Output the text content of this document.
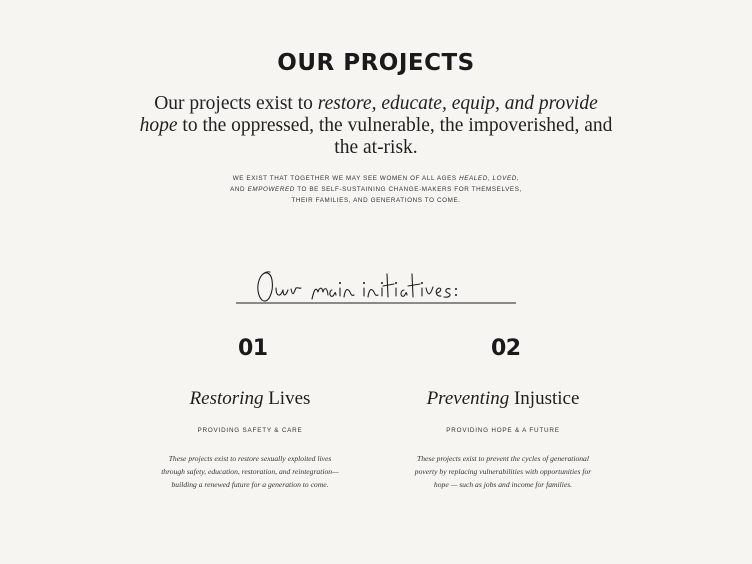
OUR PROJECTS
Our projects exist to restore, educate, equip, and provide hope to the oppressed, the vulnerable, the impoverished, and the at-risk.
WE EXIST THAT TOGETHER WE MAY SEE WOMEN OF ALL AGES HEALED, LOVED, AND EMPOWERED TO BE SELF-SUSTAINING CHANGE-MAKERS FOR THEMSELVES, THEIR FAMILIES, AND GENERATIONS TO COME.
01
Restoring Lives
PROVIDING SAFETY & CARE
These projects exist to restore sexually exploited lives through safety, education, restoration, and reintegration— building a renewed future for a generation to come.
02
Preventing Injustice
PROVIDING HOPE & A FUTURE
These projects exist to prevent the cycles of generational poverty by replacing vulnerabilities with opportunities for hope — such as jobs and income for families.
